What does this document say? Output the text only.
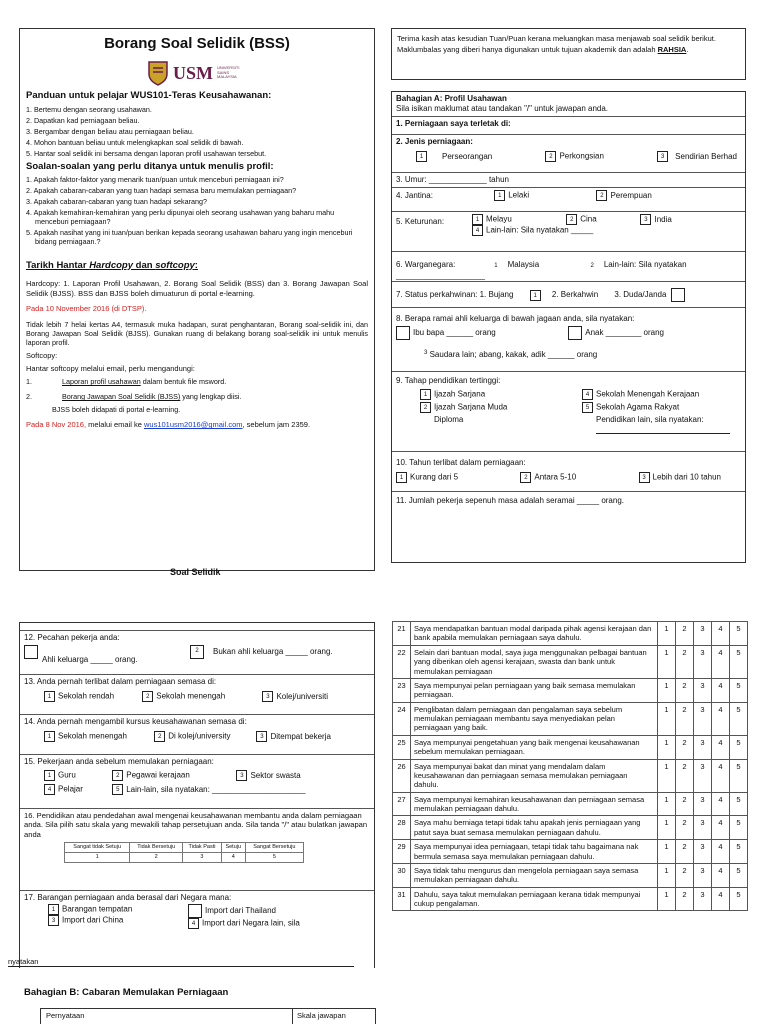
Borang Soal Selidik (BSS)
USM UNIVERSITI SAINS MALAYSIA
Panduan untuk pelajar WUS101-Teras Keusahawanan:
1. Bertemu dengan seorang usahawan.
2. Dapatkan kad perniagaan beliau.
3. Bergambar dengan beliau atau perniagaan beliau.
4. Mohon bantuan beliau untuk melengkapkan soal selidik di bawah.
5. Hantar soal selidik ini bersama dengan laporan profil usahawan tersebut.
Soalan-soalan yang perlu ditanya untuk menulis profil:
1. Apakah faktor-faktor yang menarik tuan/puan untuk menceburi perniagaan ini?
2. Apakah cabaran-cabaran yang tuan hadapi semasa baru memulakan perniagaan?
3. Apakah cabaran-cabaran yang tuan hadapi sekarang?
4. Apakah kemahiran-kemahiran yang perlu dipunyai oleh seorang usahawan yang baharu mahu menceburi perniagaan?
5. Apakah nasihat yang ini tuan/puan berikan kepada seorang usahawan baharu yang ingin menceburi bidang perniagaan.?
Tarikh Hantar Hardcopy dan softcopy:
Hardcopy: 1. Laporan Profil Usahawan, 2. Borang Soal Selidik (BSS) dan 3. Borang Jawapan Soal Selidik (BJSS). BSS dan BJSS boleh dimuaturun di portal e-learning.
Pada 10 November 2016 (di DTSP).
Tidak lebih 7 helai kertas A4, termasuk muka hadapan, surat penghantaran, Borang soal-selidik ini, dan Borang Jawapan Soal Selidik (BJSS). Gunakan ruang di belakang borang soal-selidik ini untuk menulis laporan profil.
Softcopy:
Hantar softcopy melalui email, perlu mengandungi:
1.	Laporan profil usahawan dalam bentuk file msword.
2.	Borang Jawapan Soal Selidik (BJSS) yang lengkap diisi.
BJSS boleh didapati di portal e-learning.
Pada 8 Nov 2016, melalui email ke wus101usm2016@gmail.com, sebelum jam 2359.
Soal Selidik
Terima kasih atas kesudian Tuan/Puan kerana meluangkan masa menjawab soal selidik berikut. Maklumbalas yang diberi hanya digunakan untuk tujuan akademik dan adalah RAHSIA.
Bahagian A: Profil Usahawan
Sila isikan maklumat atau tandakan "/" untuk jawapan anda.
1. Perniagaan saya terletak di:
2. Jenis perniagaan:
1 Perseorangan	2 Perkongsian	3 Sendirian Berhad
3. Umur: _____________ tahun
4. Jantina:	1 Lelaki	2 Perempuan
5. Keturunan:	1 Melayu	2 Cina	3 India
4 Lain-lain: Sila nyatakan _____
6. Warganegara:	1 Malaysia	2 Lain-lain: Sila nyatakan ____________________
7. Status perkahwinan: 1. Bujang	1 2. Berkahwin 3. Duda/Janda
8. Berapa ramai ahli keluarga di bawah jagaan anda, sila nyatakan:
Ibu bapa ______ orang	Anak ________ orang
$^3$ Saudara lain; abang, kakak, adik ______ orang
9. Tahap pendidikan tertinggi:
1 Ijazah Sarjana
2 Ijazah Sarjana Muda
Diploma
4 Sekolah Menengah Kerajaan
5 Sekolah Agama Rakyat
Pendidikan lain, sila nyatakan:
10. Tahun terlibat dalam perniagaan:
1 Kurang dari 5	2 Antara 5-10	3 Lebih dari 10 tahun
11. Jumlah pekerja sepenuh masa adalah seramai _____ orang.
12. Pecahan pekerja anda:

Ahli keluarga _____ orang.
2 Bukan ahli keluarga _____ orang.
13. Anda pernah terlibat dalam perniagaan semasa di:
1 Sekolah rendah	2 Sekolah menengah	3 Kolej/universiti
14. Anda pernah mengambil kursus keusahawanan semasa di:
1 Sekolah menengah	2 Di kolej/university	3 Ditempat bekerja
15. Pekerjaan anda sebelum memulakan perniagaan:
1 Guru	2 Pegawai kerajaan	3 Sektor swasta
4 Pelajar	5 Lain-lain, sila nyatakan: _____________________
16. Pendidikan atau pendedahan awal mengenai keusahawanan membantu anda dalam perniagaan anda. Sila pilih satu skala yang mewakili tahap persetujuan anda. Sila tanda "/" atau bulatkan jawapan anda
Sangat tidak Setuju	Tidak Bersetuju	Tidak Pasti	Setuju	Sangat Bersetuju
1	2	3	4	5
17. Barangan perniagaan anda berasal dari Negara mana:
1 Barangan tempatan
3 Import dari China
Import dari Thailand
4 Import dari Negara lain, sila
nyatakan
Bahagian B: Cabaran Memulakan Perniagaan
Pernyataan	Skala jawapan
21	Saya mendapatkan bantuan modal daripada pihak agensi kerajaan dan bank apabila memulakan perniagaan saya dahulu.	1	2	3	4	5
22	Selain dari bantuan modal, saya juga menggunakan pelbagai bantuan yang diberikan oleh agensi kerajaan, swasta dan bank untuk memulakan perniagaan	1	2	3	4	5
23	Saya mempunyai pelan perniagaan yang baik semasa memulakan perniagaan.	1	2	3	4	5
24	Penglibatan dalam perniagaan dan pengalaman saya sebelum memulakan perniagaan membantu saya menyediakan pelan perniagaan yang baik.	1	2	3	4	5
25	Saya mempunyai pengetahuan yang baik mengenai keusahawanan sebelum memulakan perniagaan.	1	2	3	4	5
26	Saya mempunyai bakat dan minat yang mendalam dalam keusahawanan dan perniagaan semasa memulakan perniagaan dahulu.	1	2	3	4	5
27	Saya mempunyai kemahiran keusahawanan dan perniagaan semasa memulakan perniagaan dahulu.	1	2	3	4	5
28	Saya mahu berniaga tetapi tidak tahu apakah jenis perniagaan yang patut saya buat semasa memulakan perniagaan dahulu.	1	2	3	4	5
29	Saya mempunyai idea perniagaan, tetapi tidak tahu bagaimana nak bermula semasa saya memulakan perniagaan dahulu.	1	2	3	4	5
30	Saya tidak tahu mengurus dan mengelola perniagaan saya semasa memulakan perniagaan dahulu.	1	2	3	4	5
31	Dahulu, saya takut memulakan perniagaan kerana tidak mempunyai cukup pengalaman.	1	2	3	4	5
